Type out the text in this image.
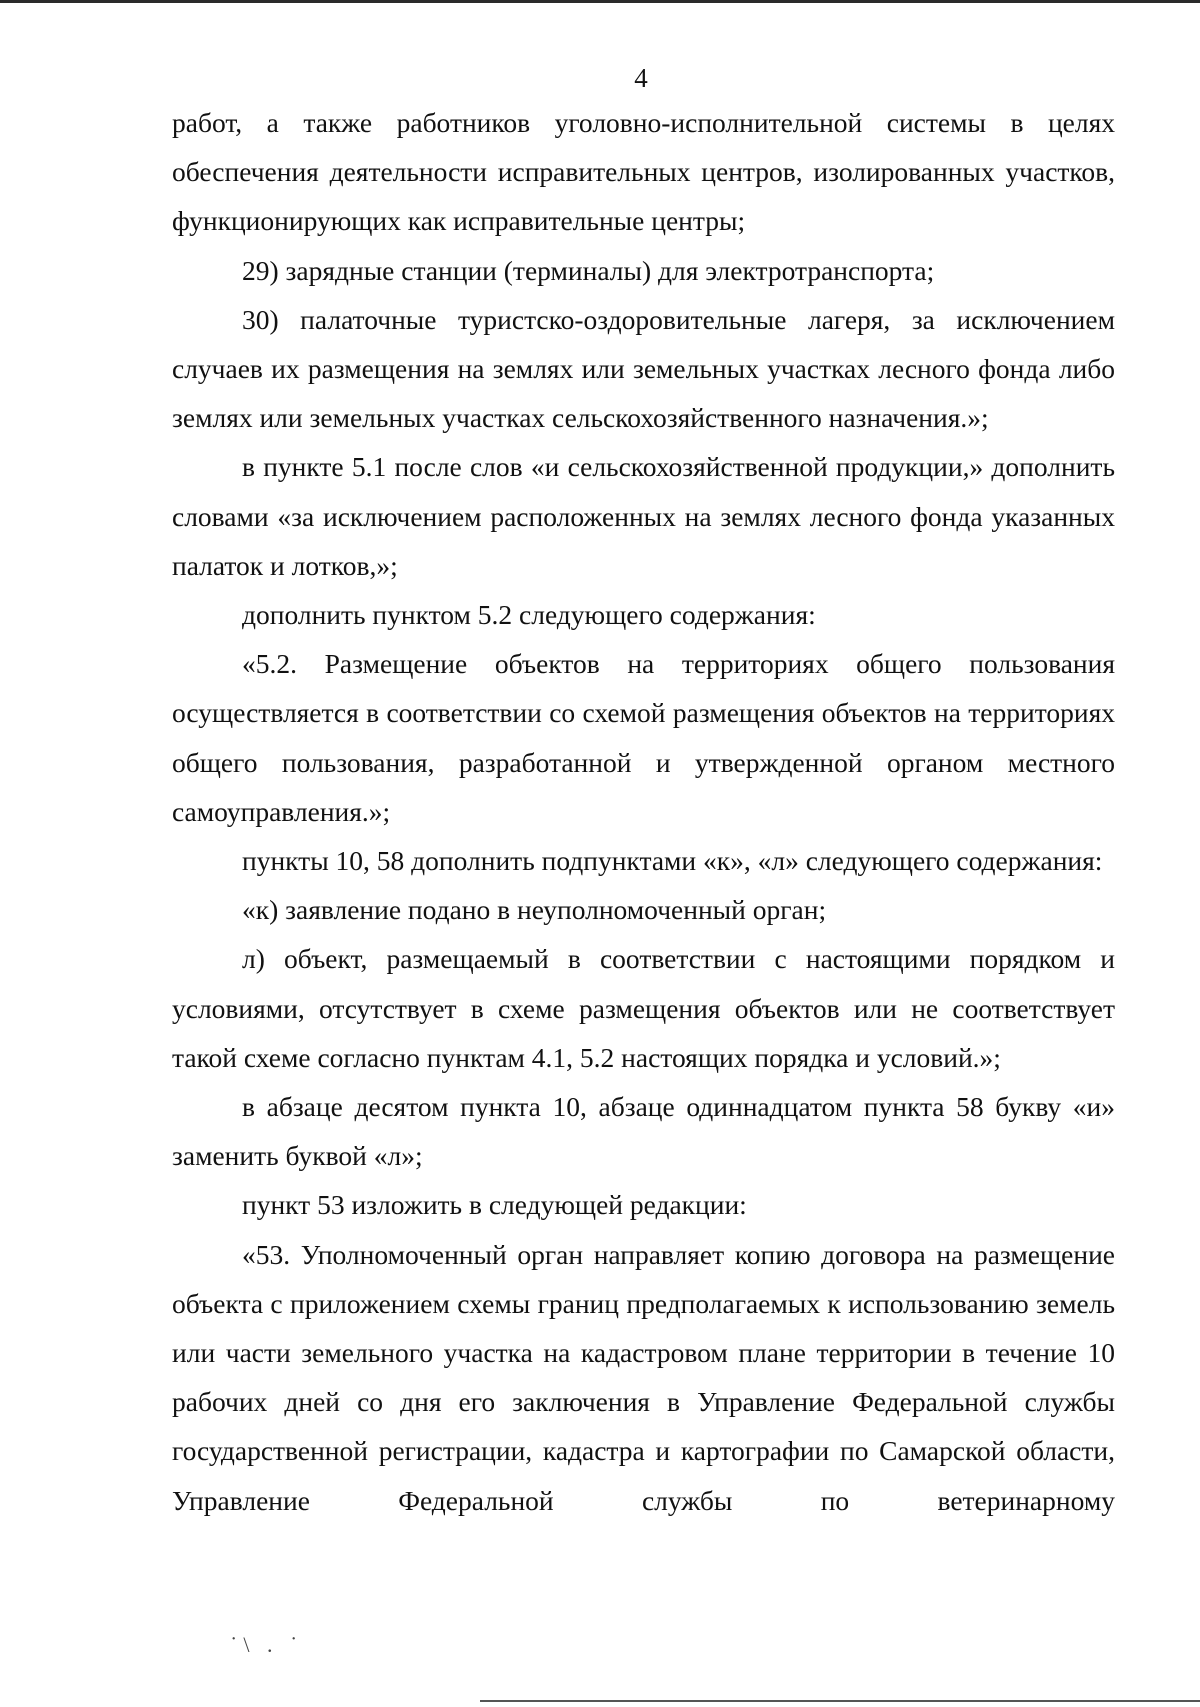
4

работ, а также работников уголовно-исполнительной системы в целях обеспечения деятельности исправительных центров, изолированных участков, функционирующих как исправительные центры;

29) зарядные станции (терминалы) для электротранспорта;

30) палаточные туристско-оздоровительные лагеря, за исключением случаев их размещения на землях или земельных участках лесного фонда либо землях или земельных участках сельскохозяйственного назначения.»;

в пункте 5.1 после слов «и сельскохозяйственной продукции,» дополнить словами «за исключением расположенных на землях лесного фонда указанных палаток и лотков,»;

дополнить пунктом 5.2 следующего содержания:

«5.2. Размещение объектов на территориях общего пользования осуществляется в соответствии со схемой размещения объектов на территориях общего пользования, разработанной и утвержденной органом местного самоуправления.»;

пункты 10, 58 дополнить подпунктами «к», «л» следующего содержания:

«к) заявление подано в неуполномоченный орган;

л) объект, размещаемый в соответствии с настоящими порядком и условиями, отсутствует в схеме размещения объектов или не соответствует такой схеме согласно пунктам 4.1, 5.2 настоящих порядка и условий.»;

в абзаце десятом пункта 10, абзаце одиннадцатом пункта 58 букву «и» заменить буквой «л»;

пункт 53 изложить в следующей редакции:

«53. Уполномоченный орган направляет копию договора на размещение объекта с приложением схемы границ предполагаемых к использованию земель или части земельного участка на кадастровом плане территории в течение 10 рабочих дней со дня его заключения в Управление Федеральной службы государственной регистрации, кадастра и картографии по Самарской области, Управление Федеральной службы по ветеринарному

˙\ . ˙
